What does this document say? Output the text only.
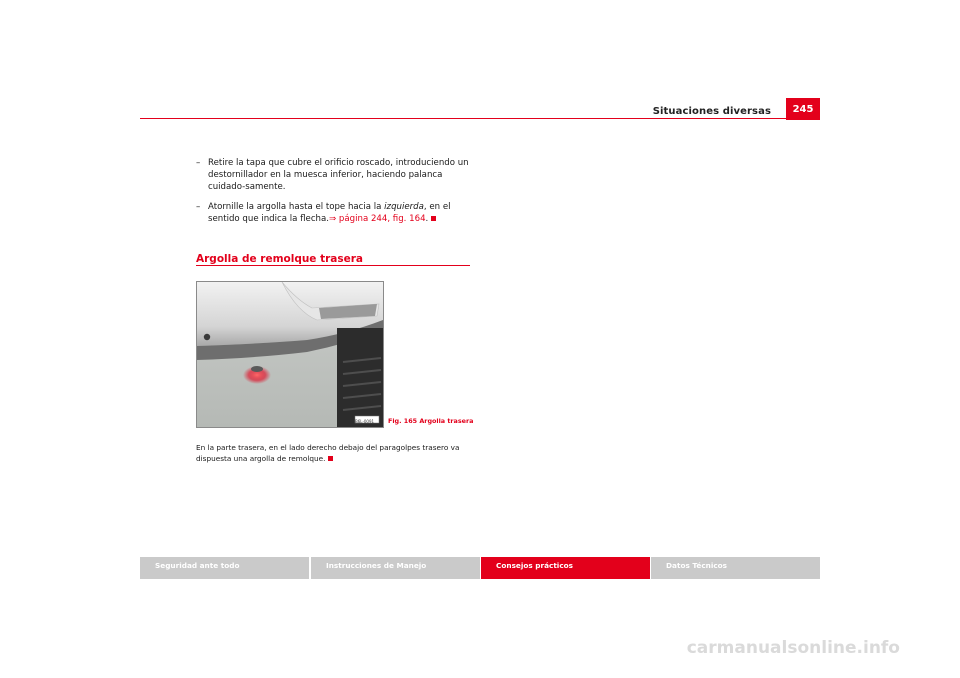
Situaciones diversas	245
– Retire la tapa que cubre el orificio roscado, introduciendo un destornillador en la muesca inferior, haciendo palanca cuidado-samente.
– Atornille la argolla hasta el tope hacia la izquierda, en el sentido que indica la flecha.⇒ página 244, fig. 164.
Argolla de remolque trasera
B6L-0091 Fig. 165 Argolla trasera
En la parte trasera, en el lado derecho debajo del paragolpes trasero va dispuesta una argolla de remolque.
Seguridad ante todo	Instrucciones de Manejo	Consejos prácticos	Datos Técnicos
carmanualsonline.info
